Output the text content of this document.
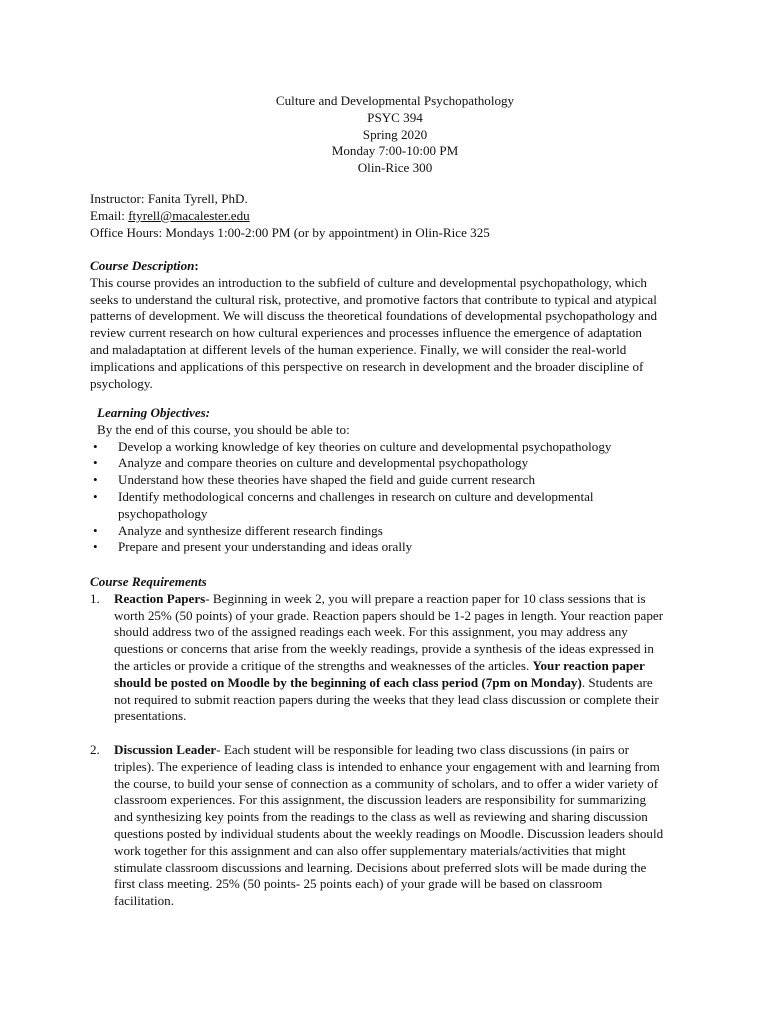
Culture and Developmental Psychopathology
PSYC 394
Spring 2020
Monday 7:00-10:00 PM
Olin-Rice 300
Instructor: Fanita Tyrell, PhD.
Email: ftyrell@macalester.edu
Office Hours: Mondays 1:00-2:00 PM (or by appointment) in Olin-Rice 325
Course Description:
This course provides an introduction to the subfield of culture and developmental psychopathology, which
seeks to understand the cultural risk, protective, and promotive factors that contribute to typical and atypical
patterns of development. We will discuss the theoretical foundations of developmental psychopathology and
review current research on how cultural experiences and processes influence the emergence of adaptation
and maladaptation at different levels of the human experience. Finally, we will consider the real-world
implications and applications of this perspective on research in development and the broader discipline of
psychology.
Learning Objectives:
By the end of this course, you should be able to:
• Develop a working knowledge of key theories on culture and developmental psychopathology
• Analyze and compare theories on culture and developmental psychopathology
• Understand how these theories have shaped the field and guide current research
• Identify methodological concerns and challenges in research on culture and developmental
psychopathology
• Analyze and synthesize different research findings
• Prepare and present your understanding and ideas orally
Course Requirements
1. Reaction Papers- Beginning in week 2, you will prepare a reaction paper for 10 class sessions that is
worth 25% (50 points) of your grade. Reaction papers should be 1-2 pages in length. Your reaction paper
should address two of the assigned readings each week. For this assignment, you may address any
questions or concerns that arise from the weekly readings, provide a synthesis of the ideas expressed in
the articles or provide a critique of the strengths and weaknesses of the articles. Your reaction paper
should be posted on Moodle by the beginning of each class period (7pm on Monday). Students are
not required to submit reaction papers during the weeks that they lead class discussion or complete their
presentations.
2. Discussion Leader- Each student will be responsible for leading two class discussions (in pairs or
triples). The experience of leading class is intended to enhance your engagement with and learning from
the course, to build your sense of connection as a community of scholars, and to offer a wider variety of
classroom experiences. For this assignment, the discussion leaders are responsibility for summarizing
and synthesizing key points from the readings to the class as well as reviewing and sharing discussion
questions posted by individual students about the weekly readings on Moodle. Discussion leaders should
work together for this assignment and can also offer supplementary materials/activities that might
stimulate classroom discussions and learning. Decisions about preferred slots will be made during the
first class meeting. 25% (50 points- 25 points each) of your grade will be based on classroom
facilitation.
